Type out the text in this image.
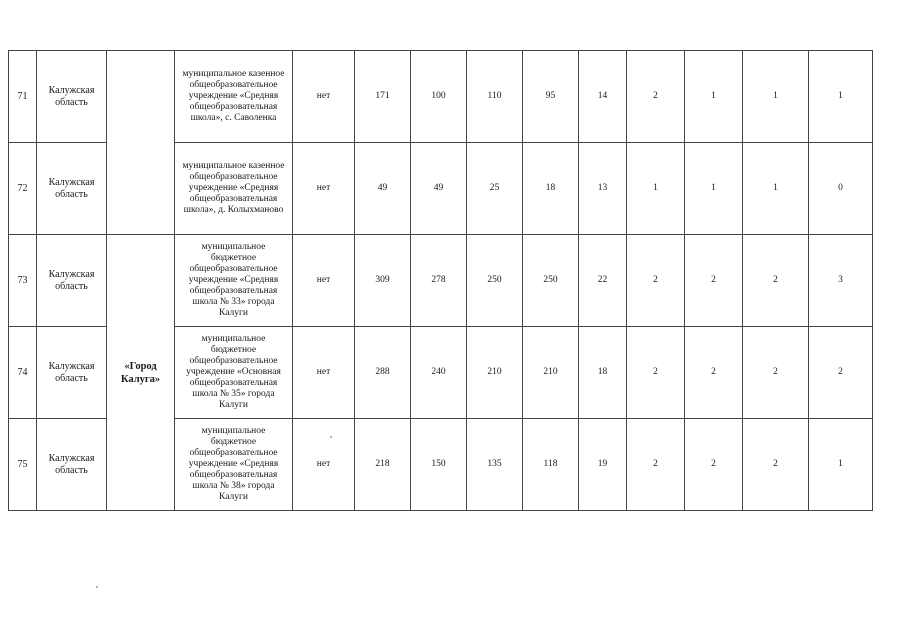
71	Калужская область		муниципальное казенное общеобразовательное учреждение «Средняя общеобразовательная школа», с. Саволенка	нет	171	100	110	95	14	2	1	1	1
72	Калужская область		муниципальное казенное общеобразовательное учреждение «Средняя общеобразовательная школа», д. Колыхманово	нет	49	49	25	18	13	1	1	1	0
73	Калужская область	«Город Калуга»	муниципальное бюджетное общеобразовательное учреждение «Средняя общеобразовательная школа № 33» города Калуги	нет	309	278	250	250	22	2	2	2	3
74	Калужская область		муниципальное бюджетное общеобразовательное учреждение «Основная общеобразовательная школа № 35» города Калуги	нет	288	240	210	210	18	2	2	2	2
75	Калужская область		муниципальное бюджетное общеобразовательное учреждение «Средняя общеобразовательная школа № 38» города Калуги	нет	218	150	135	118	19	2	2	2	1
